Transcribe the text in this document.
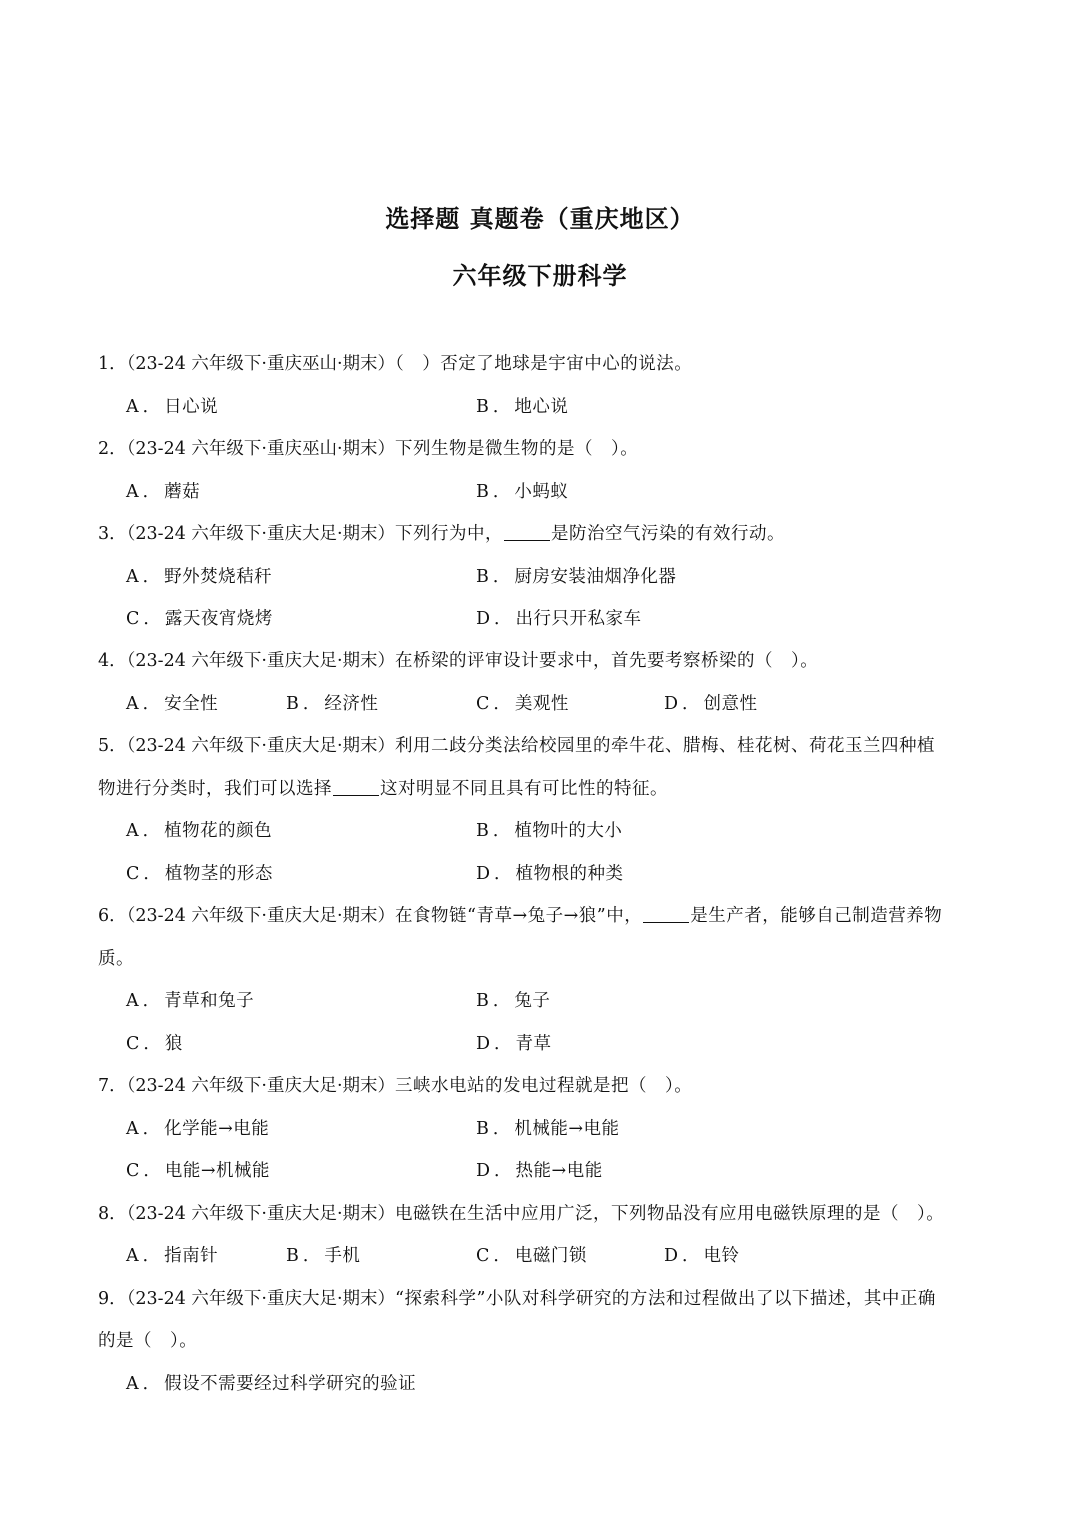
选择题 真题卷（重庆地区）
六年级下册科学
1．（23-24 六年级下·重庆巫山·期末）（　）否定了地球是宇宙中心的说法。
A．日心说	B．地心说
2．（23-24 六年级下·重庆巫山·期末）下列生物是微生物的是（　）。
A．蘑菇	B．小蚂蚁
3．（23-24 六年级下·重庆大足·期末）下列行为中，	是防治空气污染的有效行动。
A．野外焚烧秸秆	B．厨房安装油烟净化器
C．露天夜宵烧烤	D．出行只开私家车
4．（23-24 六年级下·重庆大足·期末）在桥梁的评审设计要求中，首先要考察桥梁的（　）。
A．安全性	B．经济性	C．美观性	D．创意性
5．（23-24 六年级下·重庆大足·期末）利用二歧分类法给校园里的牵牛花、腊梅、桂花树、荷花玉兰四种植
物进行分类时，我们可以选择	这对明显不同且具有可比性的特征。
A．植物花的颜色	B．植物叶的大小
C．植物茎的形态	D．植物根的种类
6．（23-24 六年级下·重庆大足·期末）在食物链“青草→兔子→狼”中，	是生产者，能够自己制造营养物
质。
A．青草和兔子	B．兔子
C．狼	D．青草
7．（23-24 六年级下·重庆大足·期末）三峡水电站的发电过程就是把（　）。
A．化学能→电能	B．机械能→电能
C．电能→机械能	D．热能→电能
8．（23-24 六年级下·重庆大足·期末）电磁铁在生活中应用广泛，下列物品没有应用电磁铁原理的是（　）。
A．指南针	B．手机	C．电磁门锁	D．电铃
9．（23-24 六年级下·重庆大足·期末）“探索科学”小队对科学研究的方法和过程做出了以下描述，其中正确
的是（　）。
A．假设不需要经过科学研究的验证
